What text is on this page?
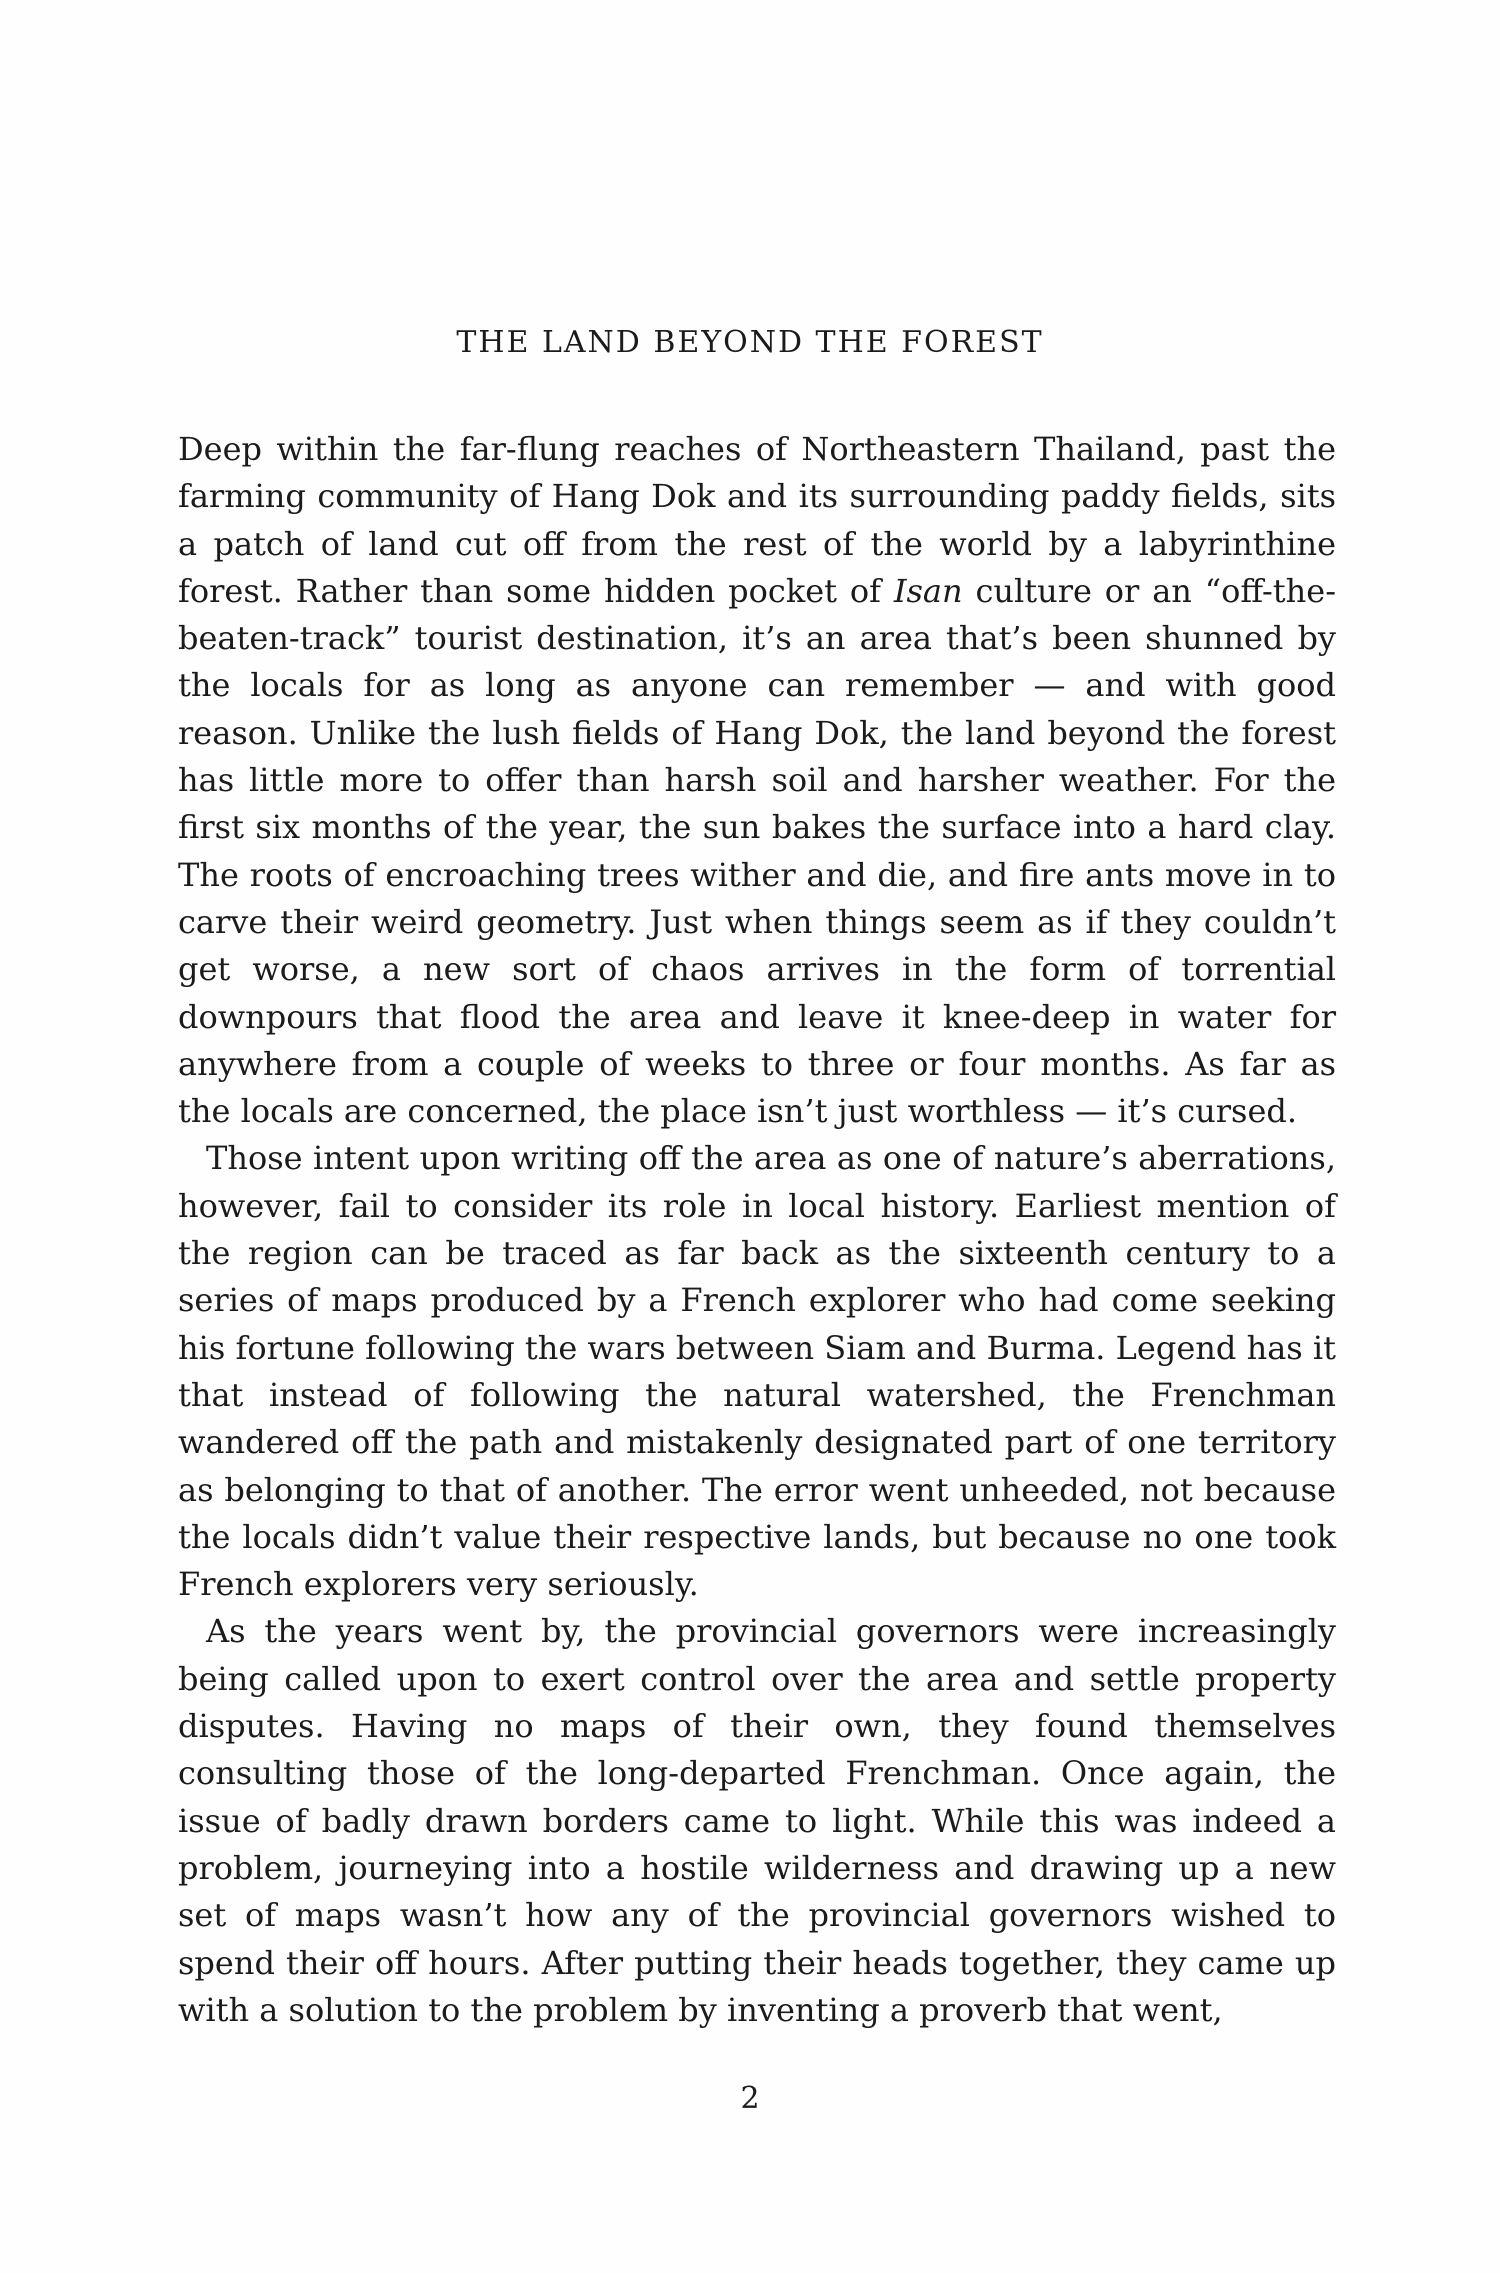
THE LAND BEYOND THE FOREST

Deep within the far-flung reaches of Northeastern Thailand, past the farming community of Hang Dok and its surrounding paddy fields, sits a patch of land cut off from the rest of the world by a labyrinthine forest. Rather than some hidden pocket of Isan culture or an “off-the-beaten-track” tourist destination, it’s an area that’s been shunned by the locals for as long as anyone can remember — and with good reason. Unlike the lush fields of Hang Dok, the land beyond the forest has little more to offer than harsh soil and harsher weather. For the first six months of the year, the sun bakes the surface into a hard clay. The roots of encroaching trees wither and die, and fire ants move in to carve their weird geometry. Just when things seem as if they couldn’t get worse, a new sort of chaos arrives in the form of torrential downpours that flood the area and leave it knee-deep in water for anywhere from a couple of weeks to three or four months. As far as the locals are concerned, the place isn’t just worthless — it’s cursed.

Those intent upon writing off the area as one of nature’s aberrations, however, fail to consider its role in local history. Earliest mention of the region can be traced as far back as the sixteenth century to a series of maps produced by a French explorer who had come seeking his fortune following the wars between Siam and Burma. Legend has it that instead of following the natural watershed, the Frenchman wandered off the path and mistakenly designated part of one territory as belonging to that of another. The error went unheeded, not because the locals didn’t value their respective lands, but because no one took French explorers very seriously.

As the years went by, the provincial governors were increasingly being called upon to exert control over the area and settle property disputes. Having no maps of their own, they found themselves consulting those of the long-departed Frenchman. Once again, the issue of badly drawn borders came to light. While this was indeed a problem, journeying into a hostile wilderness and drawing up a new set of maps wasn’t how any of the provincial governors wished to spend their off hours. After putting their heads together, they came up with a solution to the problem by inventing a proverb that went,

2
